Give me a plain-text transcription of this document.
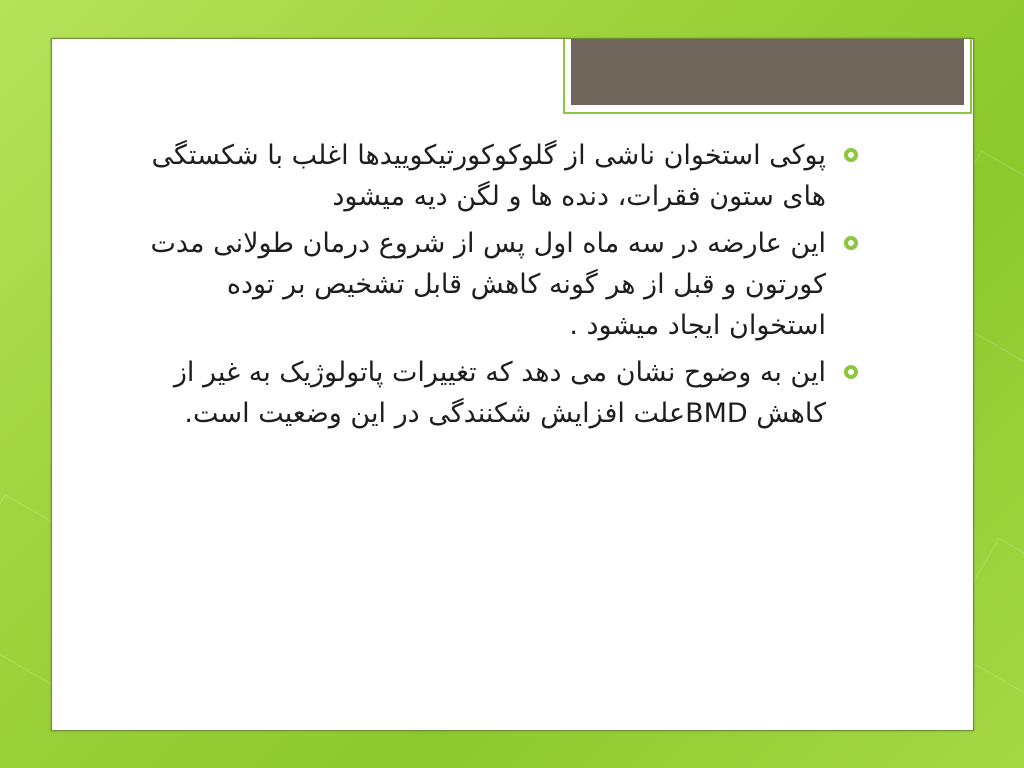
پوکی استخوان ناشی از گلوکوکورتیکوییدها اغلب با شکستگی های ستون فقرات، دنده ها و لگن دیه میشود
این عارضه در سه ماه اول پس از شروع درمان طولانی مدت کورتون و قبل از هر گونه کاهش قابل تشخیص بر توده استخوان ایجاد میشود .
این به وضوح نشان می دهد که تغییرات پاتولوژیک به غیر از کاهش BMDعلت افزایش شکنندگی در این وضعیت است.
